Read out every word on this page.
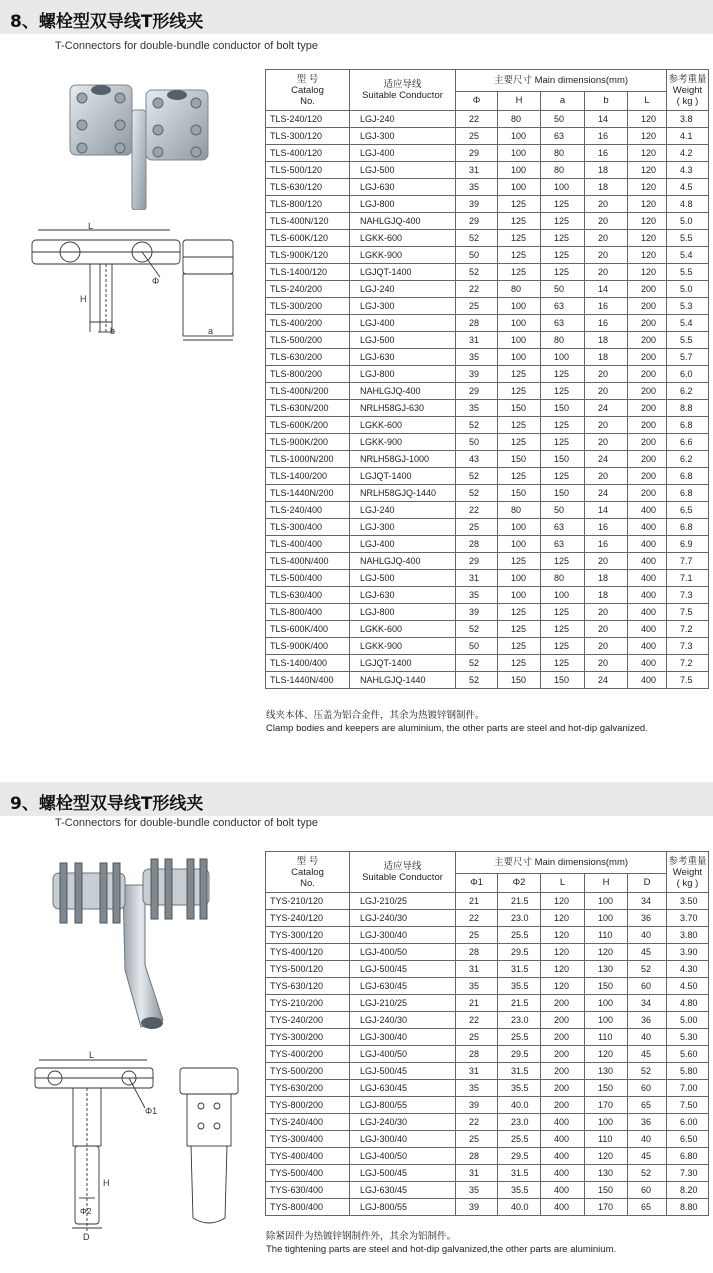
8、螺栓型双导线T形线夹
T-Connectors for double-bundle conductor of bolt type
L
Φ
H
b	a
型 号
Catalog
No.	适应导线
Suitable Conductor	主要尺寸 Main dimensions(mm)					参考重量
Weight
( kg )
		Φ	H	a	b	L	
TLS-240/120	LGJ-240	22	80	50	14	120	3.8
TLS-300/120	LGJ-300	25	100	63	16	120	4.1
TLS-400/120	LGJ-400	29	100	80	16	120	4.2
TLS-500/120	LGJ-500	31	100	80	18	120	4.3
TLS-630/120	LGJ-630	35	100	100	18	120	4.5
TLS-800/120	LGJ-800	39	125	125	20	120	4.8
TLS-400N/120	NAHLGJQ-400	29	125	125	20	120	5.0
TLS-600K/120	LGKK-600	52	125	125	20	120	5.5
TLS-900K/120	LGKK-900	50	125	125	20	120	5.4
TLS-1400/120	LGJQT-1400	52	125	125	20	120	5.5
TLS-240/200	LGJ-240	22	80	50	14	200	5.0
TLS-300/200	LGJ-300	25	100	63	16	200	5.3
TLS-400/200	LGJ-400	28	100	63	16	200	5.4
TLS-500/200	LGJ-500	31	100	80	18	200	5.5
TLS-630/200	LGJ-630	35	100	100	18	200	5.7
TLS-800/200	LGJ-800	39	125	125	20	200	6.0
TLS-400N/200	NAHLGJQ-400	29	125	125	20	200	6.2
TLS-630N/200	NRLH58GJ-630	35	150	150	24	200	8.8
TLS-600K/200	LGKK-600	52	125	125	20	200	6.8
TLS-900K/200	LGKK-900	50	125	125	20	200	6.6
TLS-1000N/200	NRLH58GJ-1000	43	150	150	24	200	6.2
TLS-1400/200	LGJQT-1400	52	125	125	20	200	6.8
TLS-1440N/200	NRLH58GJQ-1440	52	150	150	24	200	6.8
TLS-240/400	LGJ-240	22	80	50	14	400	6.5
TLS-300/400	LGJ-300	25	100	63	16	400	6.8
TLS-400/400	LGJ-400	28	100	63	16	400	6.9
TLS-400N/400	NAHLGJQ-400	29	125	125	20	400	7.7
TLS-500/400	LGJ-500	31	100	80	18	400	7.1
TLS-630/400	LGJ-630	35	100	100	18	400	7.3
TLS-800/400	LGJ-800	39	125	125	20	400	7.5
TLS-600K/400	LGKK-600	52	125	125	20	400	7.2
TLS-900K/400	LGKK-900	50	125	125	20	400	7.3
TLS-1400/400	LGJQT-1400	52	125	125	20	400	7.2
TLS-1440N/400	NAHLGJQ-1440	52	150	150	24	400	7.5
线夹本体、压盖为铝合金件，其余为热镀锌钢制件。
Clamp bodies and keepers are aluminium, the other parts are steel and hot-dip galvanized.
9、螺栓型双导线T形线夹
T-Connectors for double-bundle conductor of bolt type
L
Φ1
H
Φ2
D
型 号
Catalog
No.	适应导线
Suitable Conductor	主要尺寸 Main dimensions(mm)					参考重量
Weight
( kg )
		Φ1	Φ2	L	H	D	
TYS-210/120	LGJ-210/25	21	21.5	120	100	34	3.50
TYS-240/120	LGJ-240/30	22	23.0	120	100	36	3.70
TYS-300/120	LGJ-300/40	25	25.5	120	110	40	3.80
TYS-400/120	LGJ-400/50	28	29.5	120	120	45	3.90
TYS-500/120	LGJ-500/45	31	31.5	120	130	52	4.30
TYS-630/120	LGJ-630/45	35	35.5	120	150	60	4.50
TYS-210/200	LGJ-210/25	21	21.5	200	100	34	4.80
TYS-240/200	LGJ-240/30	22	23.0	200	100	36	5.00
TYS-300/200	LGJ-300/40	25	25.5	200	110	40	5.30
TYS-400/200	LGJ-400/50	28	29.5	200	120	45	5.60
TYS-500/200	LGJ-500/45	31	31.5	200	130	52	5.80
TYS-630/200	LGJ-630/45	35	35.5	200	150	60	7.00
TYS-800/200	LGJ-800/55	39	40.0	200	170	65	7.50
TYS-240/400	LGJ-240/30	22	23.0	400	100	36	6.00
TYS-300/400	LGJ-300/40	25	25.5	400	110	40	6.50
TYS-400/400	LGJ-400/50	28	29.5	400	120	45	6.80
TYS-500/400	LGJ-500/45	31	31.5	400	130	52	7.30
TYS-630/400	LGJ-630/45	35	35.5	400	150	60	8.20
TYS-800/400	LGJ-800/55	39	40.0	400	170	65	8.80
除紧固件为热镀锌钢制件外，其余为铝制件。
The tightening parts are steel and hot-dip galvanized,the other parts are aluminium.
